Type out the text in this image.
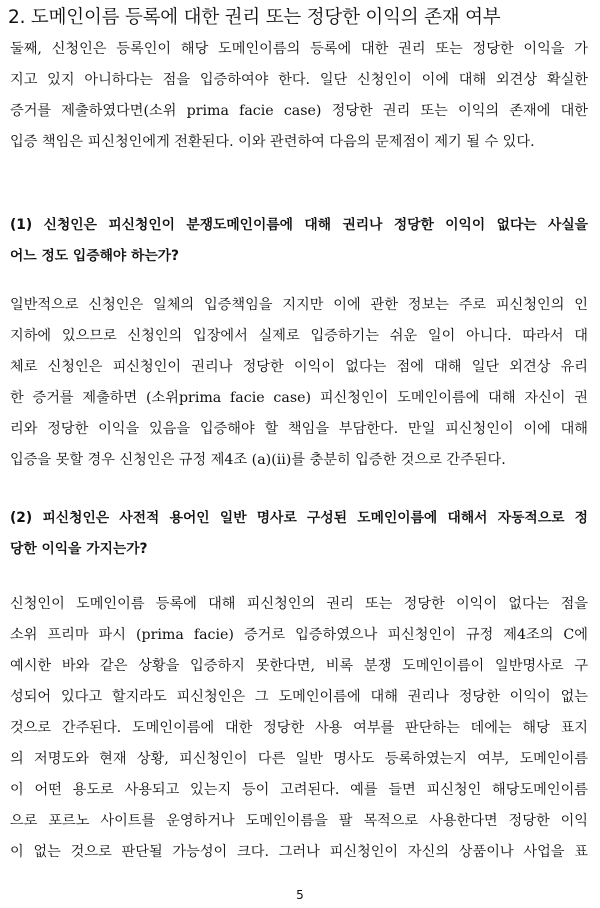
2. 도메인이름 등록에 대한 권리 또는 정당한 이익의 존재 여부
둘째, 신청인은 등록인이 해당 도메인이름의 등록에 대한 권리 또는 정당한 이익을 가
지고 있지 아니하다는 점을 입증하여야 한다. 일단 신청인이 이에 대해 외견상 확실한
증거를 제출하였다면(소위 prima facie case) 정당한 권리 또는 이익의 존재에 대한
입증 책임은 피신청인에게 전환된다. 이와 관련하여 다음의 문제점이 제기 될 수 있다.
(1) 신청인은 피신청인이 분쟁도메인이름에 대해 권리나 정당한 이익이 없다는 사실을
어느 정도 입증해야 하는가?
일반적으로 신청인은 일체의 입증책임을 지지만 이에 관한 정보는 주로 피신청인의 인
지하에 있으므로 신청인의 입장에서 실제로 입증하기는 쉬운 일이 아니다. 따라서 대
체로 신청인은 피신청인이 권리나 정당한 이익이 없다는 점에 대해 일단 외견상 유리
한 증거를 제출하면 (소위prima facie case) 피신청인이 도메인이름에 대해 자신이 권
리와 정당한 이익을 있음을 입증해야 할 책임을 부담한다. 만일 피신청인이 이에 대해
입증을 못할 경우 신청인은 규정 제4조 (a)(ii)를 충분히 입증한 것으로 간주된다.
(2) 피신청인은 사전적 용어인 일반 명사로 구성된 도메인이름에 대해서 자동적으로 정
당한 이익을 가지는가?
신청인이 도메인이름 등록에 대해 피신청인의 권리 또는 정당한 이익이 없다는 점을
소위 프리마 파시 (prima facie) 증거로 입증하였으나 피신청인이 규정 제4조의 C에
예시한 바와 같은 상황을 입증하지 못한다면, 비록 분쟁 도메인이름이 일반명사로 구
성되어 있다고 할지라도 피신청인은 그 도메인이름에 대해 권리나 정당한 이익이 없는
것으로 간주된다. 도메인이름에 대한 정당한 사용 여부를 판단하는 데에는 해당 표지
의 저명도와 현재 상황, 피신청인이 다른 일반 명사도 등록하였는지 여부, 도메인이름
이 어떤 용도로 사용되고 있는지 등이 고려된다. 예를 들면 피신청인 해당도메인이름
으로 포르노 사이트를 운영하거나 도메인이름을 팔 목적으로 사용한다면 정당한 이익
이 없는 것으로 판단될 가능성이 크다. 그러나 피신청인이 자신의 상품이나 사업을 표
5
